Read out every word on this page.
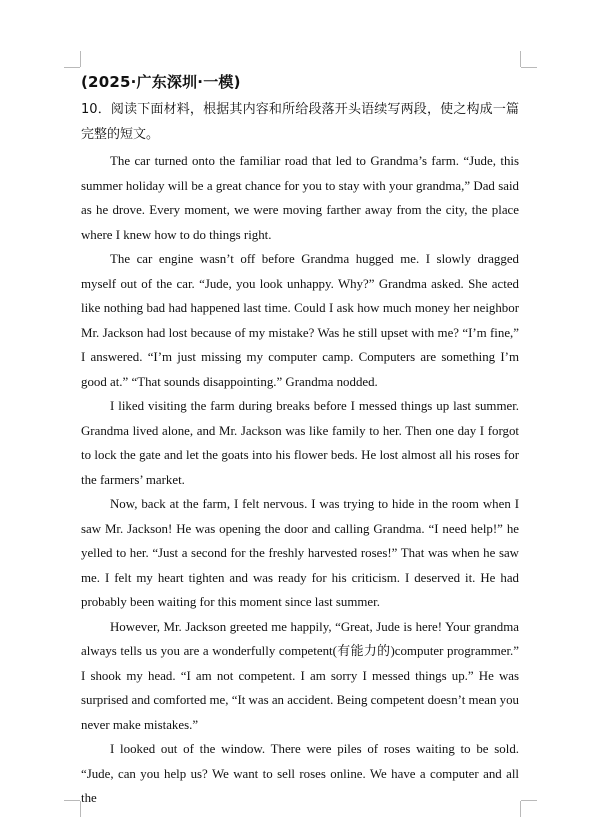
(2025·广东深圳·一模)
10．阅读下面材料，根据其内容和所给段落开头语续写两段，使之构成一篇完整的短文。

The car turned onto the familiar road that led to Grandma’s farm. “Jude, this summer holiday will be a great chance for you to stay with your grandma,” Dad said as he drove. Every moment, we were moving farther away from the city, the place where I knew how to do things right.

The car engine wasn’t off before Grandma hugged me. I slowly dragged myself out of the car. “Jude, you look unhappy. Why?” Grandma asked. She acted like nothing bad had happened last time. Could I ask how much money her neighbor Mr. Jackson had lost because of my mistake? Was he still upset with me? “I’m fine,” I answered. “I’m just missing my computer camp. Computers are something I’m good at.” “That sounds disappointing.” Grandma nodded.

I liked visiting the farm during breaks before I messed things up last summer. Grandma lived alone, and Mr. Jackson was like family to her. Then one day I forgot to lock the gate and let the goats into his flower beds. He lost almost all his roses for the farmers’ market.

Now, back at the farm, I felt nervous. I was trying to hide in the room when I saw Mr. Jackson! He was opening the door and calling Grandma. “I need help!” he yelled to her. “Just a second for the freshly harvested roses!” That was when he saw me. I felt my heart tighten and was ready for his criticism. I deserved it. He had probably been waiting for this moment since last summer.

However, Mr. Jackson greeted me happily, “Great, Jude is here! Your grandma always tells us you are a wonderfully competent(有能力的)computer programmer.” I shook my head. “I am not competent. I am sorry I messed things up.” He was surprised and comforted me, “It was an accident. Being competent doesn’t mean you never make mistakes.”

I looked out of the window. There were piles of roses waiting to be sold. “Jude, can you help us? We want to sell roses online. We have a computer and all the
